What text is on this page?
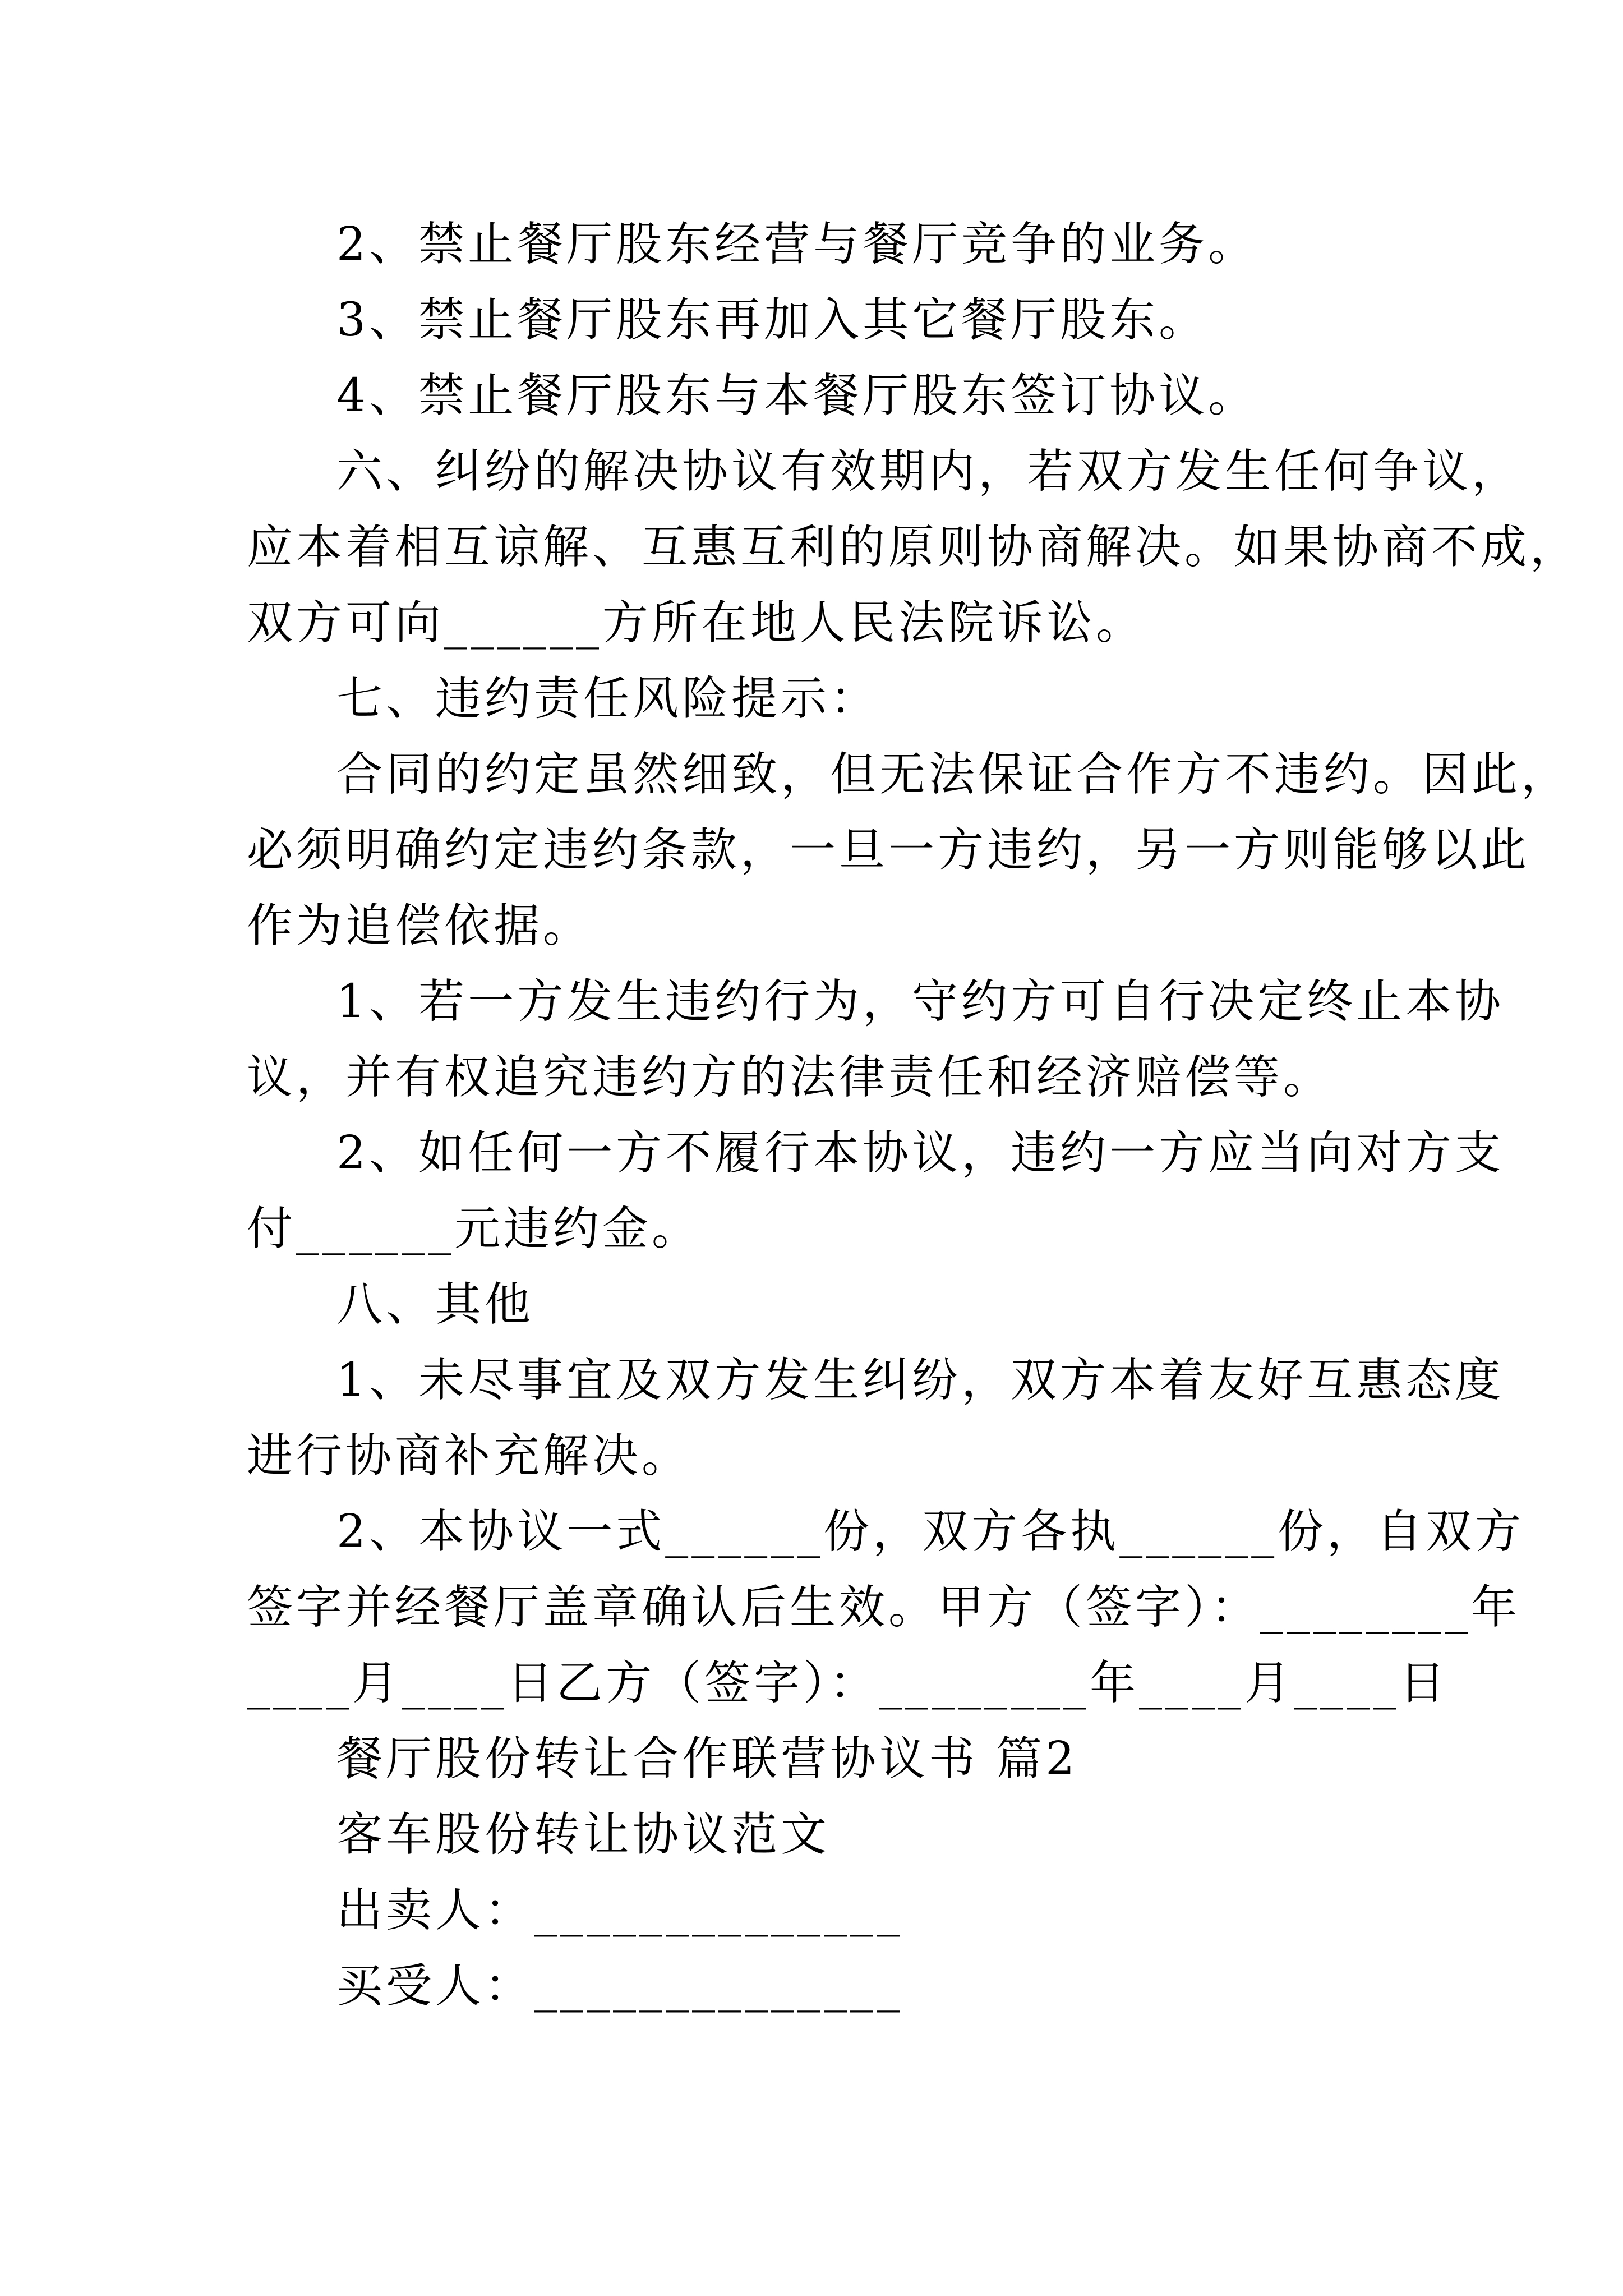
2、禁止餐厅股东经营与餐厅竞争的业务。
3、禁止餐厅股东再加入其它餐厅股东。
4、禁止餐厅股东与本餐厅股东签订协议。
六、纠纷的解决协议有效期内，若双方发生任何争议，
应本着相互谅解、互惠互利的原则协商解决。如果协商不成，
双方可向______方所在地人民法院诉讼。
七、违约责任风险提示：
合同的约定虽然细致，但无法保证合作方不违约。因此，
必须明确约定违约条款，一旦一方违约，另一方则能够以此
作为追偿依据。
1、若一方发生违约行为，守约方可自行决定终止本协
议，并有权追究违约方的法律责任和经济赔偿等。
2、如任何一方不履行本协议，违约一方应当向对方支
付______元违约金。
八、其他
1、未尽事宜及双方发生纠纷，双方本着友好互惠态度
进行协商补充解决。
2、本协议一式______份，双方各执______份，自双方
签字并经餐厅盖章确认后生效。甲方（签字）：________年
____月____日乙方（签字）：________年____月____日
餐厅股份转让合作联营协议书 篇2
客车股份转让协议范文
出卖人：______________
买受人：______________
